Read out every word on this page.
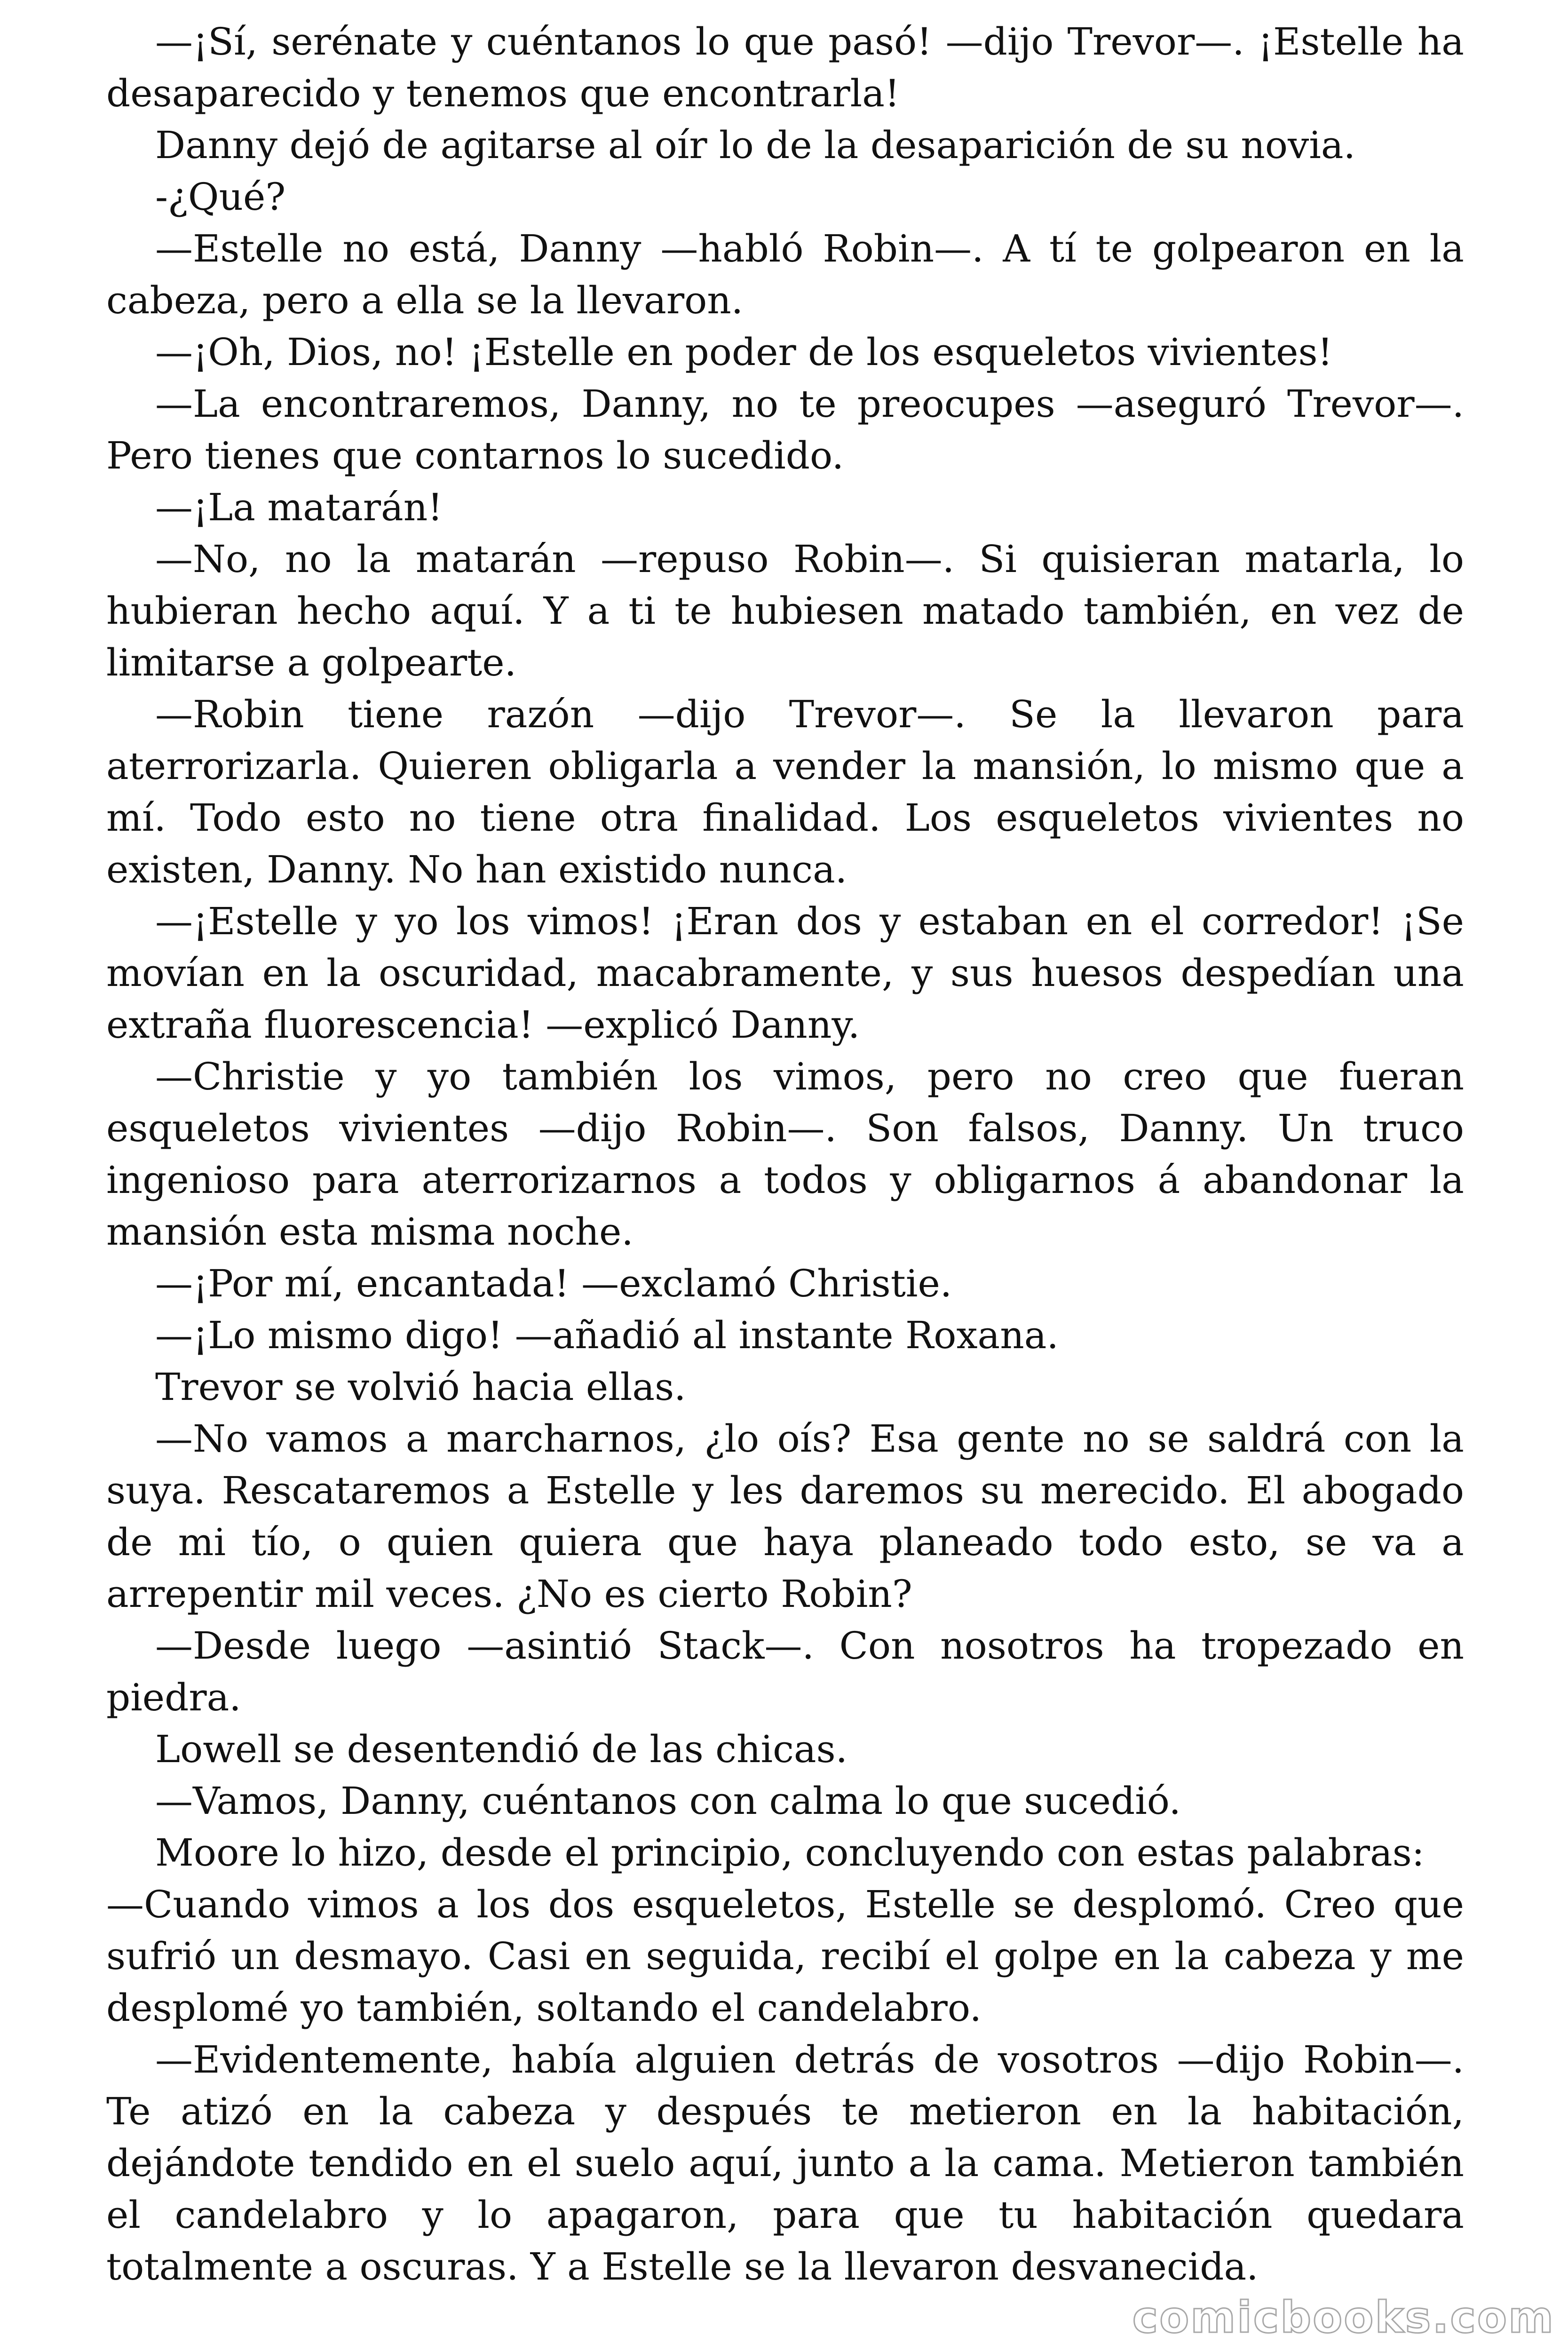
—¡Sí, serénate y cuéntanos lo que pasó! —dijo Trevor—. ¡Estelle ha desaparecido y tenemos que encontrarla!

Danny dejó de agitarse al oír lo de la desaparición de su novia.

-¿Qué?

—Estelle no está, Danny —habló Robin—. A tí te golpearon en la cabeza, pero a ella se la llevaron.

—¡Oh, Dios, no! ¡Estelle en poder de los esqueletos vivientes!

—La encontraremos, Danny, no te preocupes —aseguró Trevor—. Pero tienes que contarnos lo sucedido.

—¡La matarán!

—No, no la matarán —repuso Robin—. Si quisieran matarla, lo hubieran hecho aquí. Y a ti te hubiesen matado también, en vez de limitarse a golpearte.

—Robin tiene razón —dijo Trevor—. Se la llevaron para aterrorizarla. Quieren obligarla a vender la mansión, lo mismo que a mí. Todo esto no tiene otra finalidad. Los esqueletos vivientes no existen, Danny. No han existido nunca.

—¡Estelle y yo los vimos! ¡Eran dos y estaban en el corredor! ¡Se movían en la oscuridad, macabramente, y sus huesos despedían una extraña fluorescencia! —explicó Danny.

—Christie y yo también los vimos, pero no creo que fueran esqueletos vivientes —dijo Robin—. Son falsos, Danny. Un truco ingenioso para aterrorizarnos a todos y obligarnos á abandonar la mansión esta misma noche.

—¡Por mí, encantada! —exclamó Christie.

—¡Lo mismo digo! —añadió al instante Roxana.

Trevor se volvió hacia ellas.

—No vamos a marcharnos, ¿lo oís? Esa gente no se saldrá con la suya. Rescataremos a Estelle y les daremos su merecido. El abogado de mi tío, o quien quiera que haya planeado todo esto, se va a arrepentir mil veces. ¿No es cierto Robin?

—Desde luego —asintió Stack—. Con nosotros ha tropezado en piedra.

Lowell se desentendió de las chicas.

—Vamos, Danny, cuéntanos con calma lo que sucedió.

Moore lo hizo, desde el principio, concluyendo con estas palabras:

—Cuando vimos a los dos esqueletos, Estelle se desplomó. Creo que sufrió un desmayo. Casi en seguida, recibí el golpe en la cabeza y me desplomé yo también, soltando el candelabro.

—Evidentemente, había alguien detrás de vosotros —dijo Robin—. Te atizó en la cabeza y después te metieron en la habitación, dejándote tendido en el suelo aquí, junto a la cama. Metieron también el candelabro y lo apagaron, para que tu habitación quedara totalmente a oscuras. Y a Estelle se la llevaron desvanecida.

comicbooks.com
